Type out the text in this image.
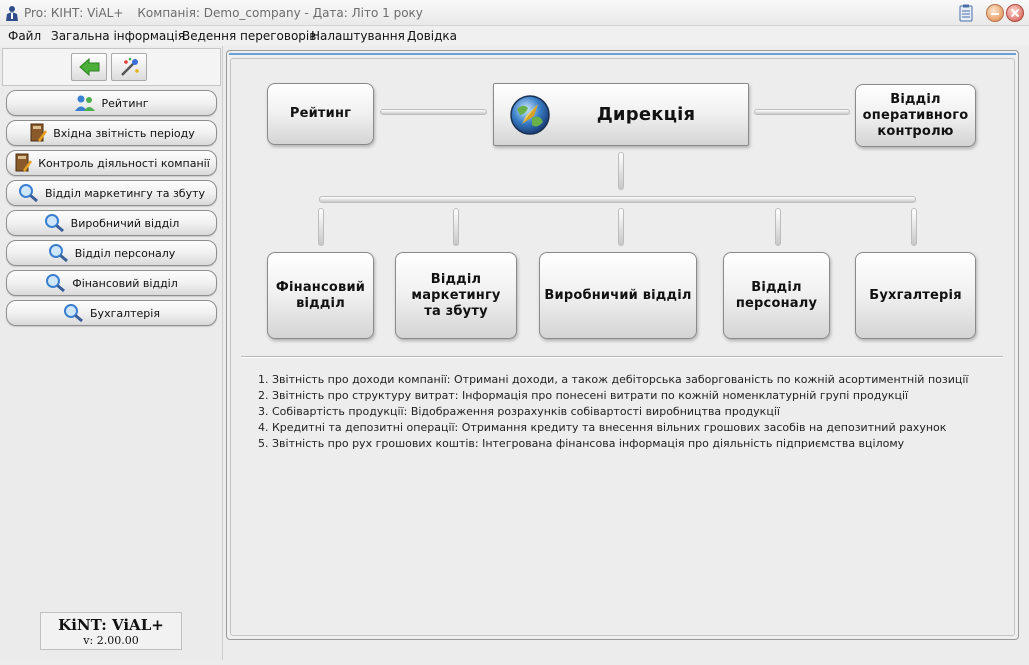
Pro: КІНТ: ViAL+ Компанія: Demo_company - Дата: Літо 1 року
Файл Загальна інформація
Ведення переговорів
Налаштування Довідка
Рейтинг
Вхідна звітність періоду
Контроль діяльності компанії
Відділ маркетингу та збуту
Виробничий відділ
Відділ персоналу
Фінансовий відділ
Бухгалтерія
KiNT: ViAL+
v: 2.00.00
Рейтинг	Дирекція
Відділ
оперативного
контролю
Фінансовий
відділ
Відділ
маркетингу
та збуту
Виробничий відділ
Відділ
персоналу
Бухгалтерія
1. Звітність про доходи компанії: Отримані доходи, а також дебіторська заборгованість по кожній асортиментній позиції
2. Звітність про структуру витрат: Інформація про понесені витрати по кожній номенклатурній групі продукції
3. Собівартість продукції: Відображення розрахунків собівартості виробництва продукції
4. Кредитні та депозитні операції: Отримання кредиту та внесення вільних грошових засобів на депозитний рахунок
5. Звітність про рух грошових коштів: Інтегрована фінансова інформація про діяльність підприємства вцілому
